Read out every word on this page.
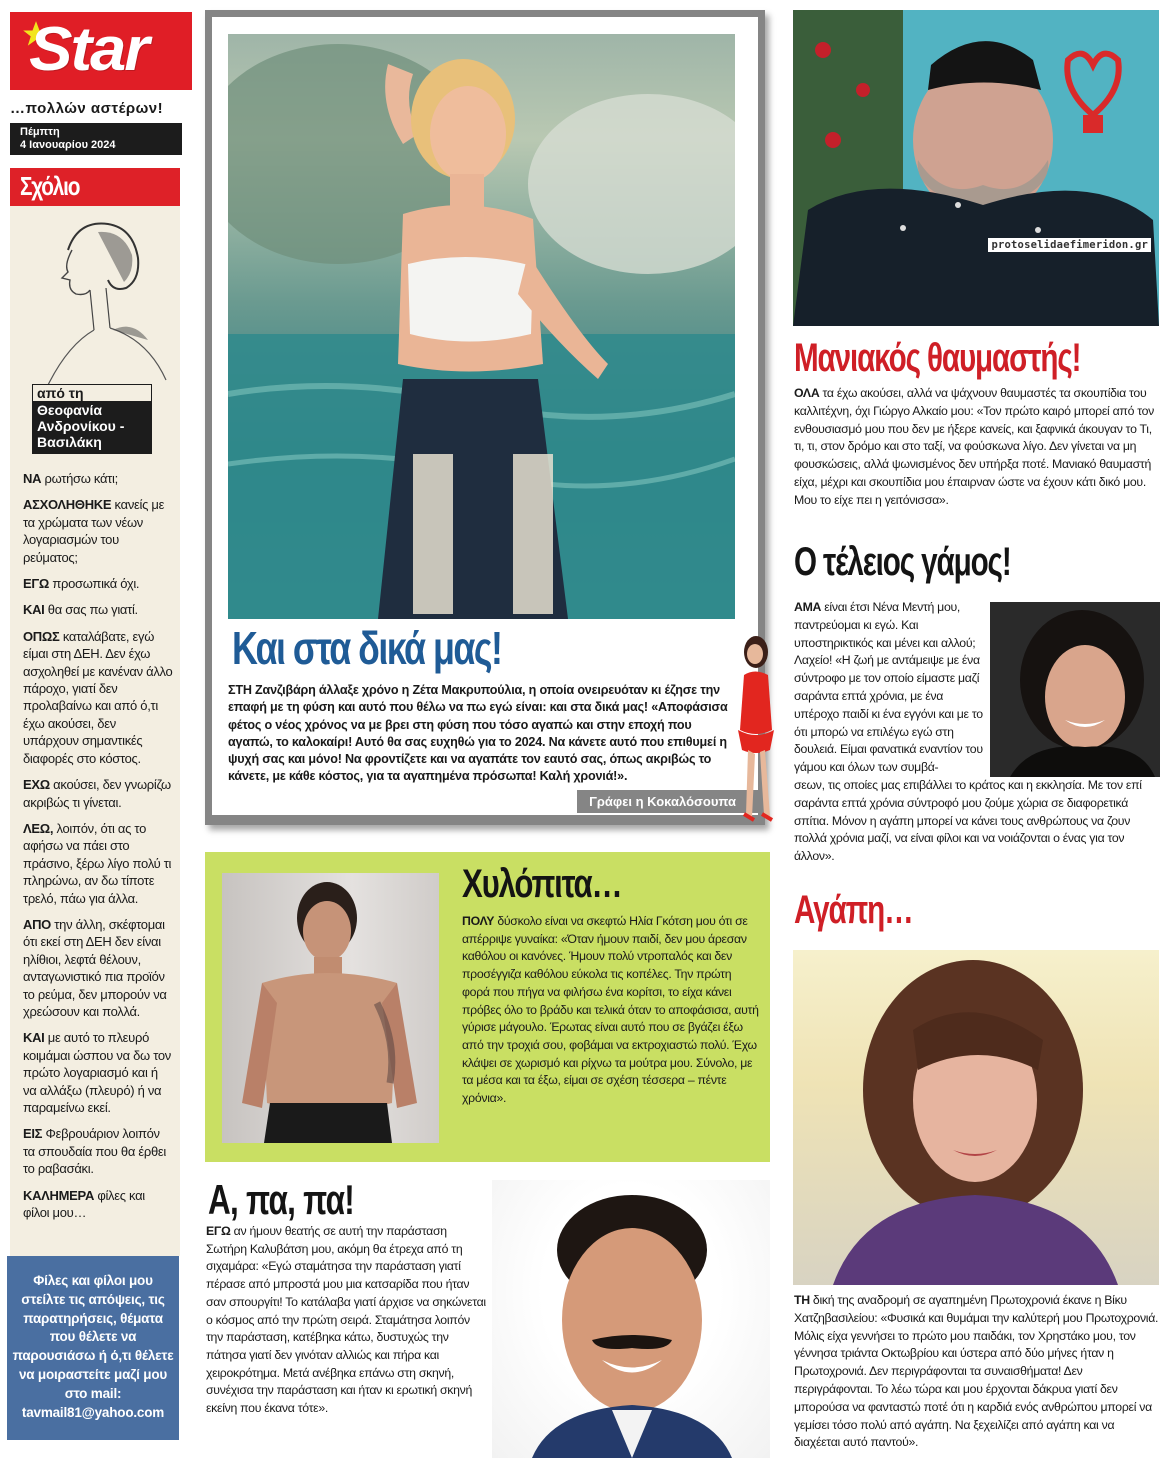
Star
…πολλών αστέρων!
Πέμπτη
4 Ιανουαρίου 2024
Σχόλιο
από τη
Θεοφανία
Ανδρονίκου -
Βασιλάκη

ΝΑ ρωτήσω κάτι;

ΑΣΧΟΛΗΘΗΚΕ κανείς με τα χρώματα των νέων λογαριασμών του ρεύματος;

ΕΓΩ προσωπικά όχι.

ΚΑΙ θα σας πω γιατί.

ΟΠΩΣ καταλάβατε, εγώ είμαι στη ΔΕΗ. Δεν έχω ασχοληθεί με κανέναν άλλο πάροχο, γιατί δεν προλαβαίνω και από ό,τι έχω ακούσει, δεν υπάρχουν σημαντικές διαφορές στο κόστος.

ΕΧΩ ακούσει, δεν γνωρίζω ακριβώς τι γίνεται.

ΛΕΩ, λοιπόν, ότι ας το αφήσω να πάει στο πράσινο, ξέρω λίγο πολύ τι πληρώνω, αν δω τίποτε τρελό, πάω για άλλα.

ΑΠΟ την άλλη, σκέφτομαι ότι εκεί στη ΔΕΗ δεν είναι ηλίθιοι, λεφτά θέλουν, ανταγωνιστικό πια προϊόν το ρεύμα, δεν μπορούν να χρεώσουν και πολλά.

ΚΑΙ με αυτό το πλευρό κοιμάμαι ώσπου να δω τον πρώτο λογαριασμό και ή να αλλάξω (πλευρό) ή να παραμείνω εκεί.

ΕΙΣ Φεβρουάριον λοιπόν τα σπουδαία που θα έρθει το ραβασάκι.

ΚΑΛΗΜΕΡΑ φίλες και φίλοι μου…

Φίλες και φίλοι μου στείλτε τις απόψεις, τις παρατηρήσεις, θέματα που θέλετε να παρουσιάσω ή ό,τι θέλετε να μοιραστείτε μαζί μου στο mail:
tavmail81@yahoo.com
Και στα δικά μας!
ΣΤΗ Ζανζιβάρη άλλαξε χρόνο η Ζέτα Μακρυπούλια, η οποία ονειρευόταν κι έζησε την επαφή με τη φύση και αυτό που θέλω να πω εγώ είναι: και στα δικά μας! «Αποφάσισα φέτος ο νέος χρόνος να με βρει στη φύση που τόσο αγαπώ και στην εποχή που αγαπώ, το καλοκαίρι! Αυτό θα σας ευχηθώ για το 2024. Να κάνετε αυτό που επιθυμεί η ψυχή σας και μόνο! Να φροντίζετε και να αγαπάτε τον εαυτό σας, όπως ακριβώς το κάνετε, με κάθε κόστος, για τα αγαπημένα πρόσωπα! Καλή χρονιά!».
Γράφει η Κοκαλόσουπα
Χυλόπιτα…
ΠΟΛΥ δύσκολο είναι να σκεφτώ Ηλία Γκότση μου ότι σε απέρριψε γυναίκα: «Όταν ήμουν παιδί, δεν μου άρεσαν καθόλου οι κανόνες. Ήμουν πολύ ντροπαλός και δεν προσέγγιζα καθόλου εύκολα τις κοπέλες. Την πρώτη φορά που πήγα να φιλήσω ένα κορίτσι, το είχα κάνει πρόβες όλο το βράδυ και τελικά όταν το αποφάσισα, αυτή γύρισε μάγουλο. Έρωτας είναι αυτό που σε βγάζει έξω από την τροχιά σου, φοβάμαι να εκτροχιαστώ πολύ. Έχω κλάψει σε χωρισμό και ρίχνω τα μούτρα μου. Σύνολο, με τα μέσα και τα έξω, είμαι σε σχέση τέσσερα – πέντε χρόνια».
Α, πα, πα!
ΕΓΩ αν ήμουν θεατής σε αυτή την παράσταση Σωτήρη Καλυβάτση μου, ακόμη θα έτρεχα από τη σιχαμάρα: «Εγώ σταμάτησα την παράσταση γιατί πέρασε από μπροστά μου μια κατσαρίδα που ήταν σαν σπουργίτι! Το κατάλαβα γιατί άρχισε να σηκώνεται ο κόσμος από την πρώτη σειρά. Σταμάτησα λοιπόν την παράσταση, κατέβηκα κάτω, δυστυχώς την πάτησα γιατί δεν γινόταν αλλιώς και πήρα και χειροκρότημα. Μετά ανέβηκα επάνω στη σκηνή, συνέχισα την παράσταση και ήταν κι ερωτική σκηνή εκείνη που έκανα τότε».
protoselidaefimeridon.gr
Μανιακός θαυμαστής!
ΟΛΑ τα έχω ακούσει, αλλά να ψάχνουν θαυμαστές τα σκουπίδια του καλλιτέχνη, όχι Γιώργο Αλκαίο μου: «Τον πρώτο καιρό μπορεί από τον ενθουσιασμό μου που δεν με ήξερε κανείς, και ξαφνικά άκουγαν το Τι, τι, τι, στον δρόμο και στο ταξί, να φούσκωνα λίγο. Δεν γίνεται να μη φουσκώσεις, αλλά ψωνισμένος δεν υπήρξα ποτέ. Μανιακό θαυμαστή είχα, μέχρι και σκουπίδια μου έπαιρναν ώστε να έχουν κάτι δικό μου. Μου το είχε πει η γειτόνισσα».
Ο τέλειος γάμος!
ΑΜΑ είναι έτσι Νένα Μεντή μου, παντρεύομαι κι εγώ. Και υποστηρικτικός και μένει και αλλού; Λαχείο! «Η ζωή με αντάμειψε με ένα σύντροφο με τον οποίο είμαστε μαζί σαράντα επτά χρόνια, με ένα υπέροχο παιδί κι ένα εγγόνι και με το ότι μπορώ να επιλέγω εγώ στη δουλειά. Είμαι φανατικά εναντίον του γάμου και όλων των συμβά-
σεων, τις οποίες μας επιβάλλει το κράτος και η εκκλησία. Με τον επί σαράντα επτά χρόνια σύντροφό μου ζούμε χώρια σε διαφορετικά σπίτια. Μόνον η αγάπη μπορεί να κάνει τους ανθρώπους να ζουν πολλά χρόνια μαζί, να είναι φίλοι και να νοιάζονται ο ένας για τον άλλον».
Αγάπη…
ΤΗ δική της αναδρομή σε αγαπημένη Πρωτοχρονιά έκανε η Βίκυ Χατζηβασιλείου: «Φυσικά και θυμάμαι την καλύτερή μου Πρωτοχρονιά. Μόλις είχα γεννήσει το πρώτο μου παιδάκι, τον Χρηστάκο μου, τον γέννησα τριάντα Οκτωβρίου και ύστερα από δύο μήνες ήταν η Πρωτοχρονιά. Δεν περιγράφονται τα συναισθήματα! Δεν περιγράφονται. Το λέω τώρα και μου έρχονται δάκρυα γιατί δεν μπορούσα να φανταστώ ποτέ ότι η καρδιά ενός ανθρώπου μπορεί να γεμίσει τόσο πολύ από αγάπη. Να ξεχειλίζει από αγάπη και να διαχέεται αυτό παντού».
